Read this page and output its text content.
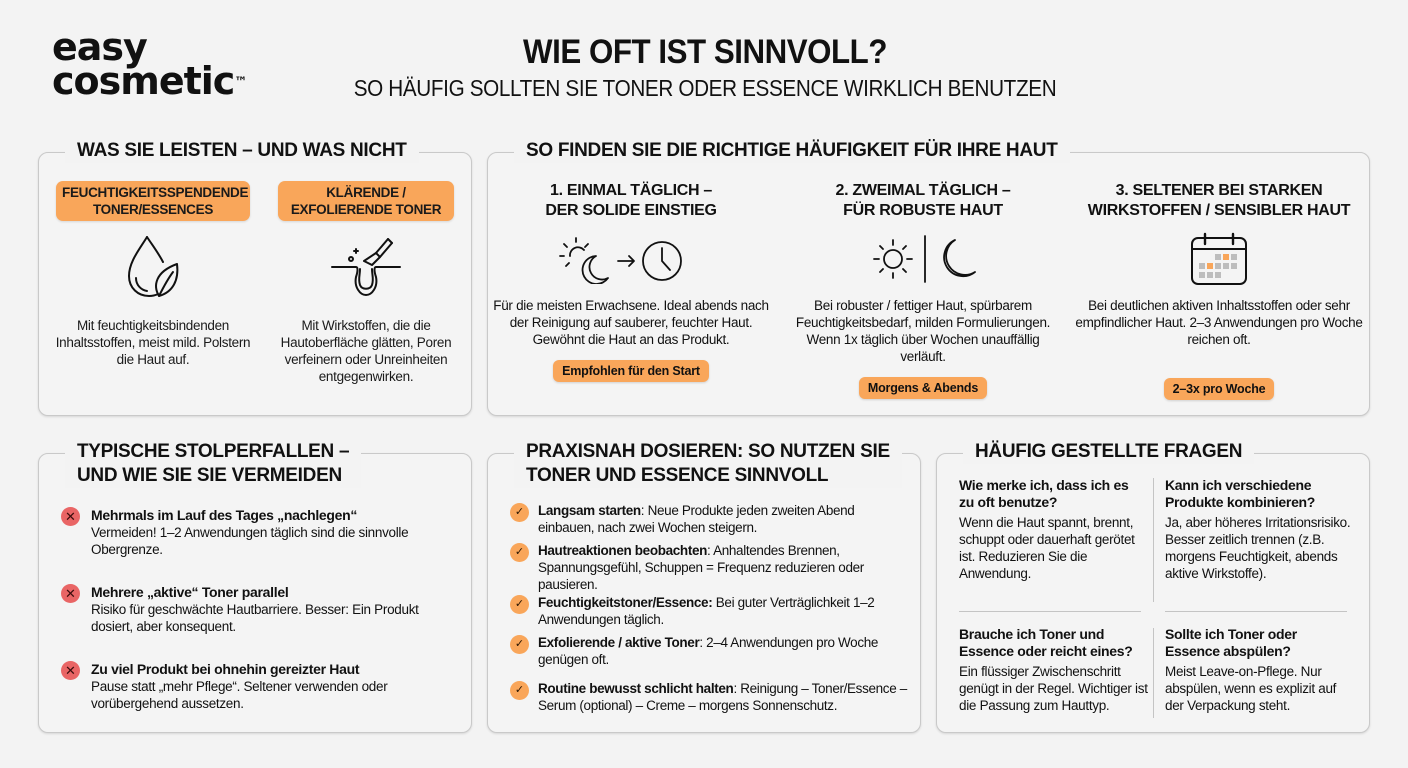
easy
cosmetic™
WIE OFT IST SINNVOLL?
SO HÄUFIG SOLLTEN SIE TONER ODER ESSENCE WIRKLICH BENUTZEN
WAS SIE LEISTEN – UND WAS NICHT
FEUCHTIGKEITSSPENDENDE TONER/ESSENCES
Mit feuchtigkeitsbindenden Inhaltsstoffen, meist mild. Polstern die Haut auf.
KLÄRENDE / EXFOLIERENDE TONER
Mit Wirkstoffen, die die Hautoberfläche glätten, Poren verfeinern oder Unreinheiten entgegenwirken.
SO FINDEN SIE DIE RICHTIGE HÄUFIGKEIT FÜR IHRE HAUT
1. EINMAL TÄGLICH –
DER SOLIDE EINSTIEG
Für die meisten Erwachsene. Ideal abends nach der Reinigung auf sauberer, feuchter Haut. Gewöhnt die Haut an das Produkt.
Empfohlen für den Start
2. ZWEIMAL TÄGLICH –
FÜR ROBUSTE HAUT
Bei robuster / fettiger Haut, spürbarem Feuchtigkeitsbedarf, milden Formulierungen. Wenn 1x täglich über Wochen unauffällig verläuft.
Morgens & Abends
3. SELTENER BEI STARKEN
WIRKSTOFFEN / SENSIBLER HAUT
Bei deutlichen aktiven Inhaltsstoffen oder sehr empfindlicher Haut. 2–3 Anwendungen pro Woche reichen oft.
2–3x pro Woche
TYPISCHE STOLPERFALLEN –
UND WIE SIE SIE VERMEIDEN
✕ Mehrmals im Lauf des Tages „nachlegen“
Vermeiden! 1–2 Anwendungen täglich sind die sinnvolle Obergrenze.
✕ Mehrere „aktive“ Toner parallel
Risiko für geschwächte Hautbarriere. Besser: Ein Produkt dosiert, aber konsequent.
✕ Zu viel Produkt bei ohnehin gereizter Haut
Pause statt „mehr Pflege“. Seltener verwenden oder vorübergehend aussetzen.
PRAXISNAH DOSIEREN: SO NUTZEN SIE
TONER UND ESSENCE SINNVOLL
✓	Langsam starten: Neue Produkte jeden zweiten Abend einbauen, nach zwei Wochen steigern.
✓	Hautreaktionen beobachten: Anhaltendes Brennen, Spannungsgefühl, Schuppen = Frequenz reduzieren oder pausieren.
✓	Feuchtigkeitstoner/Essence: Bei guter Verträglichkeit 1–2 Anwendungen täglich.
✓	Exfolierende / aktive Toner: 2–4 Anwendungen pro Woche genügen oft.
✓	Routine bewusst schlicht halten: Reinigung – Toner/Essence – Serum (optional) – Creme – morgens Sonnenschutz.
HÄUFIG GESTELLTE FRAGEN
Wie merke ich, dass ich es zu oft benutze?
Wenn die Haut spannt, brennt, schuppt oder dauerhaft gerötet ist. Reduzieren Sie die Anwendung.
Kann ich verschiedene Produkte kombinieren?
Ja, aber höheres Irritationsrisiko. Besser zeitlich trennen (z.B. morgens Feuchtigkeit, abends aktive Wirkstoffe).
Brauche ich Toner und Essence oder reicht eines?
Ein flüssiger Zwischenschritt genügt in der Regel. Wichtiger ist die Passung zum Hauttyp.
Sollte ich Toner oder Essence abspülen?
Meist Leave-on-Pflege. Nur abspülen, wenn es explizit auf der Verpackung steht.
